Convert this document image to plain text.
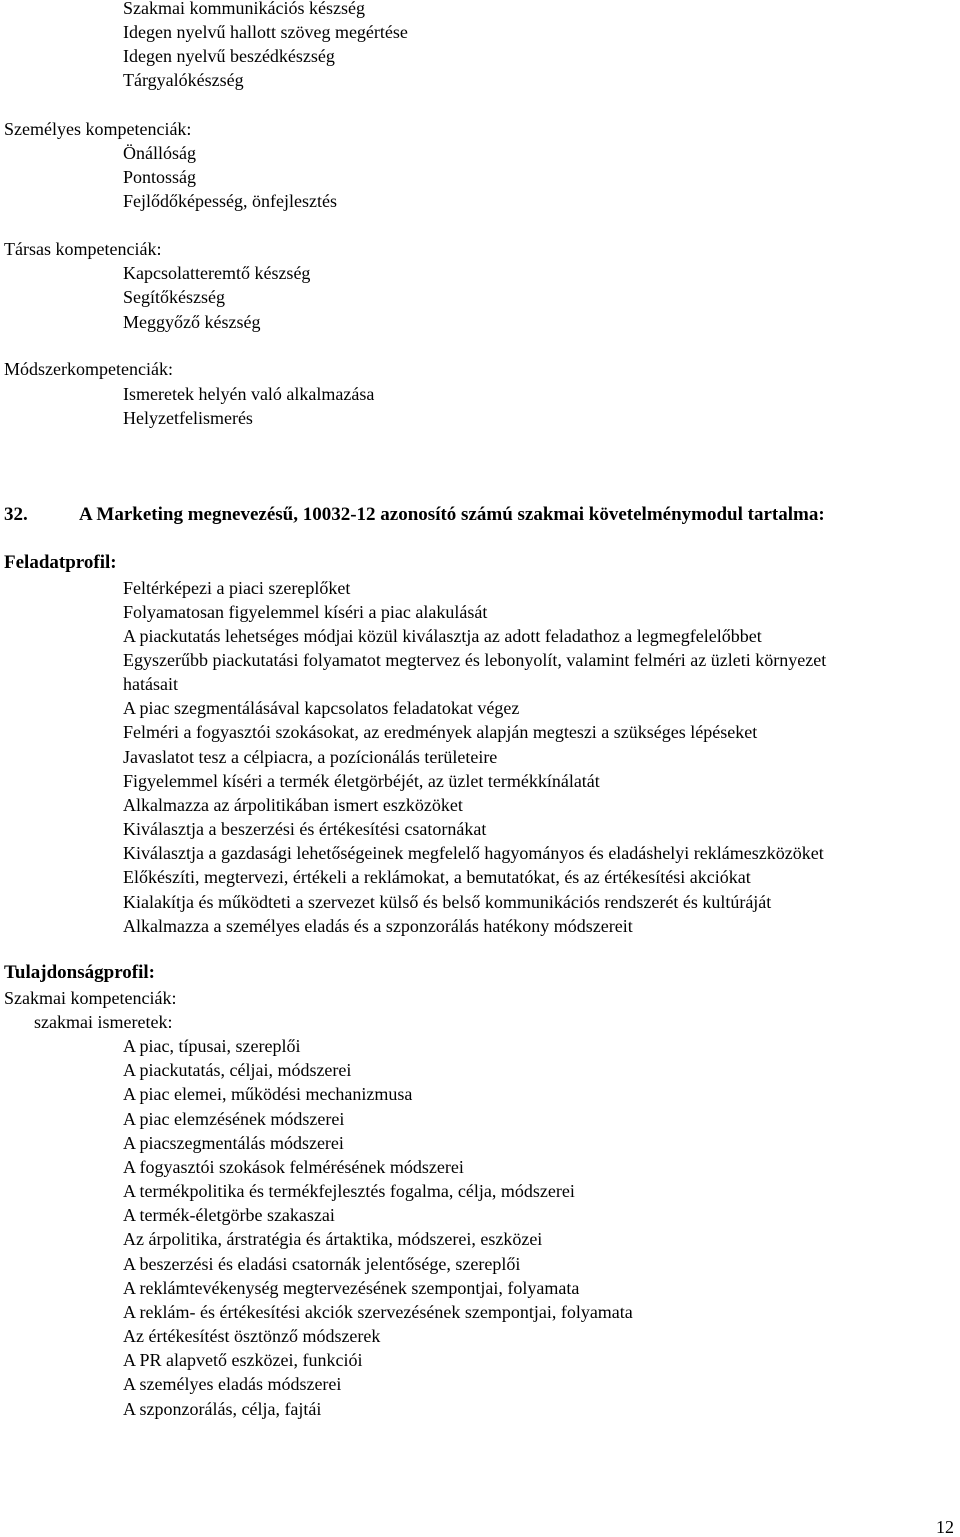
Szakmai kommunikációs készség
Idegen nyelvű hallott szöveg megértése
Idegen nyelvű beszédkészség
Tárgyalókészség
Személyes kompetenciák:
Önállóság
Pontosság
Fejlődőképesség, önfejlesztés
Társas kompetenciák:
Kapcsolatteremtő készség
Segítőkészség
Meggyőző készség
Módszerkompetenciák:
Ismeretek helyén való alkalmazása
Helyzetfelismerés
32.	A Marketing megnevezésű, 10032-12 azonosító számú szakmai követelménymodul tartalma:
Feladatprofil:
Feltérképezi a piaci szereplőket
Folyamatosan figyelemmel kíséri a piac alakulását
A piackutatás lehetséges módjai közül kiválasztja az adott feladathoz a legmegfelelőbbet
Egyszerűbb piackutatási folyamatot megtervez és lebonyolít, valamint felméri az üzleti környezet
hatásait
A piac szegmentálásával kapcsolatos feladatokat végez
Felméri a fogyasztói szokásokat, az eredmények alapján megteszi a szükséges lépéseket
Javaslatot tesz a célpiacra, a pozícionálás területeire
Figyelemmel kíséri a termék életgörbéjét, az üzlet termékkínálatát
Alkalmazza az árpolitikában ismert eszközöket
Kiválasztja a beszerzési és értékesítési csatornákat
Kiválasztja a gazdasági lehetőségeinek megfelelő hagyományos és eladáshelyi reklámeszközöket
Előkészíti, megtervezi, értékeli a reklámokat, a bemutatókat, és az értékesítési akciókat
Kialakítja és működteti a szervezet külső és belső kommunikációs rendszerét és kultúráját
Alkalmazza a személyes eladás és a szponzorálás hatékony módszereit
Tulajdonságprofil:
Szakmai kompetenciák:
szakmai ismeretek:
A piac, típusai, szereplői
A piackutatás, céljai, módszerei
A piac elemei, működési mechanizmusa
A piac elemzésének módszerei
A piacszegmentálás módszerei
A fogyasztói szokások felmérésének módszerei
A termékpolitika és termékfejlesztés fogalma, célja, módszerei
A termék-életgörbe szakaszai
Az árpolitika, árstratégia és ártaktika, módszerei, eszközei
A beszerzési és eladási csatornák jelentősége, szereplői
A reklámtevékenység megtervezésének szempontjai, folyamata
A reklám- és értékesítési akciók szervezésének szempontjai, folyamata
Az értékesítést ösztönző módszerek
A PR alapvető eszközei, funkciói
A személyes eladás módszerei
A szponzorálás, célja, fajtái
12
